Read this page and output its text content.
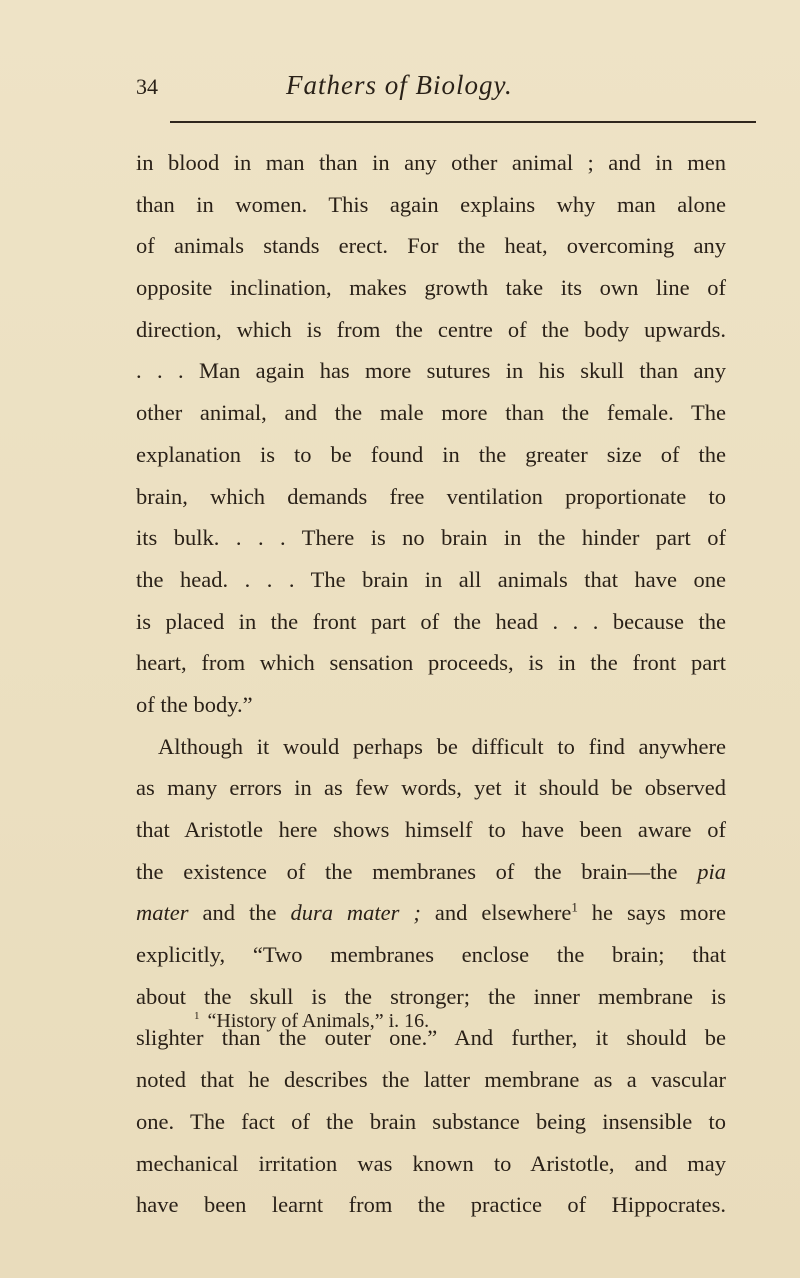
34	Fathers of Biology.
in blood in man than in any other animal ; and in men
than in women. This again explains why man alone
of animals stands erect. For the heat, overcoming any
opposite inclination, makes growth take its own line of
direction, which is from the centre of the body upwards.
. . . Man again has more sutures in his skull than any
other animal, and the male more than the female. The
explanation is to be found in the greater size of the
brain, which demands free ventilation proportionate to
its bulk. . . . There is no brain in the hinder part of
the head. . . . The brain in all animals that have one
is placed in the front part of the head . . . because the
heart, from which sensation proceeds, is in the front part
of the body.”
Although it would perhaps be difficult to find anywhere
as many errors in as few words, yet it should be observed
that Aristotle here shows himself to have been aware of
the existence of the membranes of the brain—the pia
mater and the dura mater ; and elsewhere$^1$ he says more
explicitly, “Two membranes enclose the brain; that
about the skull is the stronger; the inner membrane is
slighter than the outer one.” And further, it should be
noted that he describes the latter membrane as a vascular
one. The fact of the brain substance being insensible to
mechanical irritation was known to Aristotle, and may
have been learnt from the practice of Hippocrates.
$^1$ “History of Animals,” i. 16.
